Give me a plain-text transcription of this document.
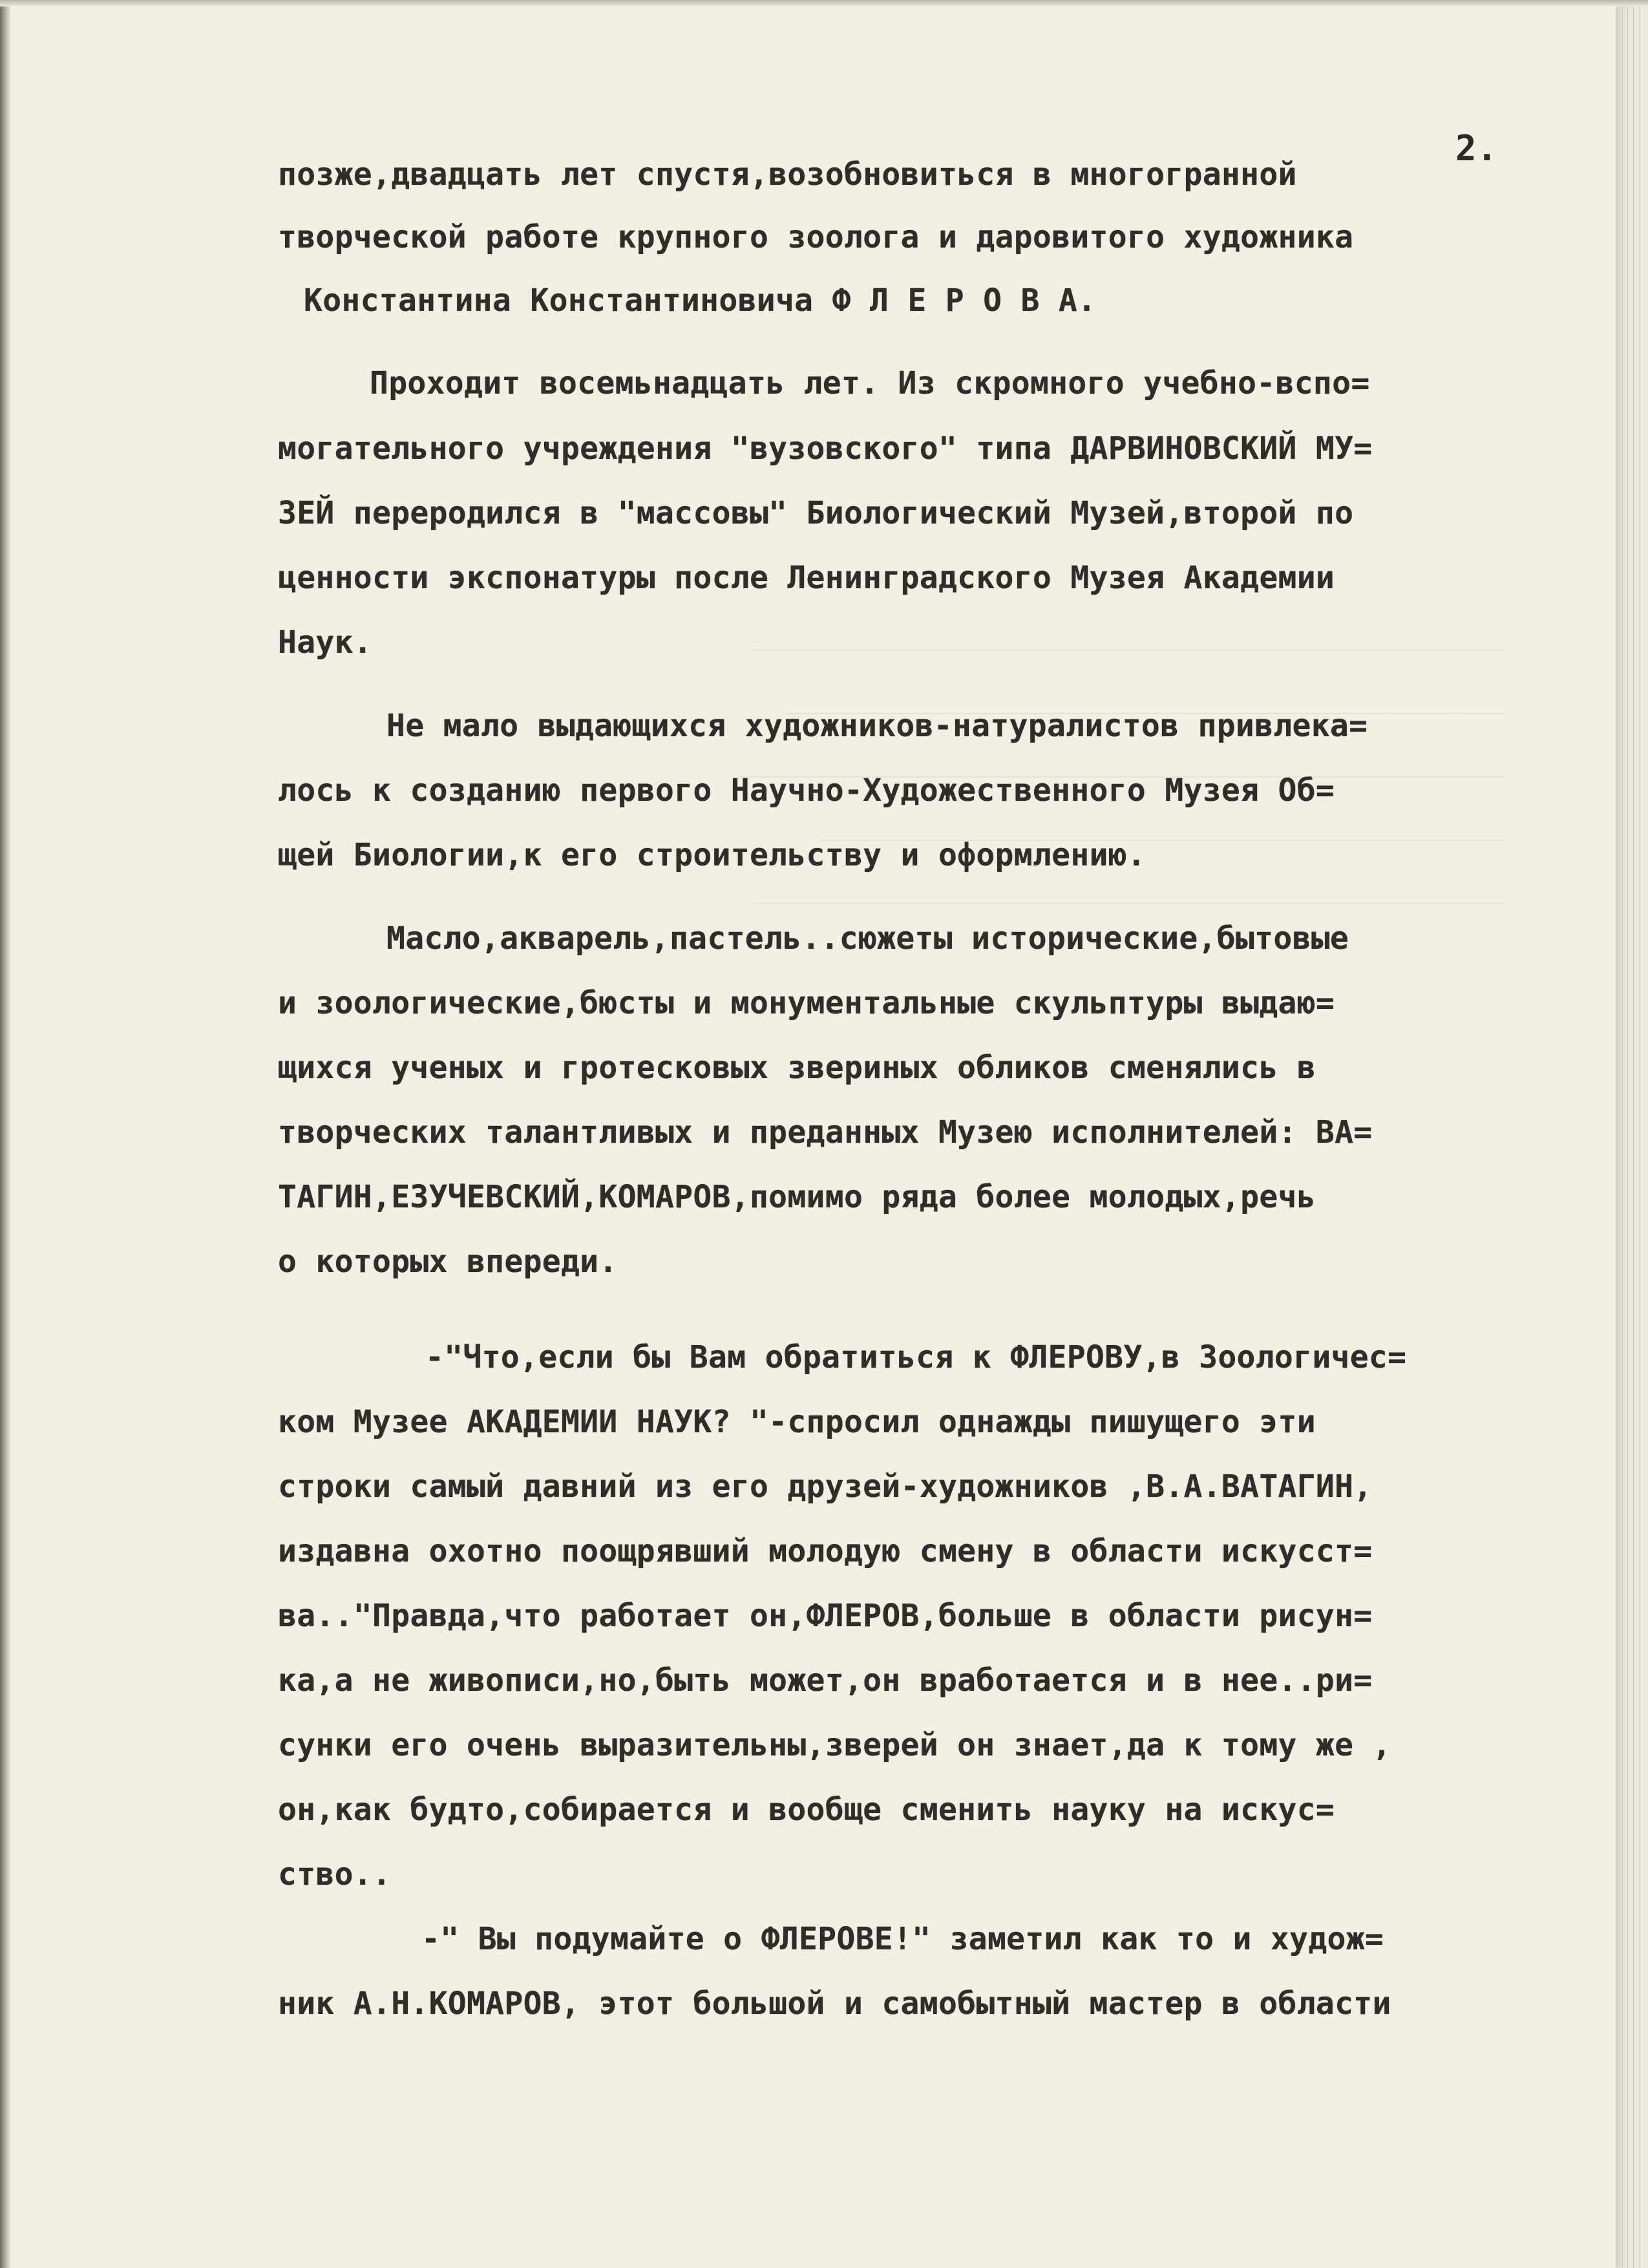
______________________________________________
____________________________________________
_______________________________________________
__________________________________________
______________________________________________

2.
позже,двадцать лет спустя,возобновиться в многогранной
творческой работе крупного зоолога и даровитого художника
Константина Константиновича Ф Л Е Р О В А.
Проходит восемьнадцать лет. Из скромного учебно-вспо=
могательного учреждения "вузовского" типа ДАРВИНОВСКИЙ МУ=
ЗЕЙ переродился в "массовы" Биологический Музей,второй по
ценности экспонатуры после Ленинградского Музея Академии
Наук.
Не мало выдающихся художников-натуралистов привлека=
лось к созданию первого Научно-Художественного Музея Об=
щей Биологии,к его строительству и оформлению.
Масло,акварель,пастель..сюжеты исторические,бытовые
и зоологические,бюсты и монументальные скульптуры выдаю=
щихся ученых и гротесковых звериных обликов сменялись в
творческих талантливых и преданных Музею исполнителей: ВА=
ТАГИН,ЕЗУЧЕВСКИЙ,КОМАРОВ,помимо ряда более молодых,речь
о которых впереди.
-"Что,если бы Вам обратиться к ФЛЕРОВУ,в Зоологичес=
ком Музее АКАДЕМИИ НАУК? "-спросил однажды пишущего эти
строки самый давний из его друзей-художников ,В.А.ВАТАГИН,
издавна охотно поощрявший молодую смену в области искусст=
ва.."Правда,что работает он,ФЛЕРОВ,больше в области рисун=
ка,а не живописи,но,быть может,он вработается и в нее..ри=
сунки его очень выразительны,зверей он знает,да к тому же ,
он,как будто,собирается и вообще сменить науку на искус=
ство..
-" Вы подумайте о ФЛЕРОВЕ!" заметил как то и худож=
ник А.Н.КОМАРОВ, этот большой и самобытный мастер в области
